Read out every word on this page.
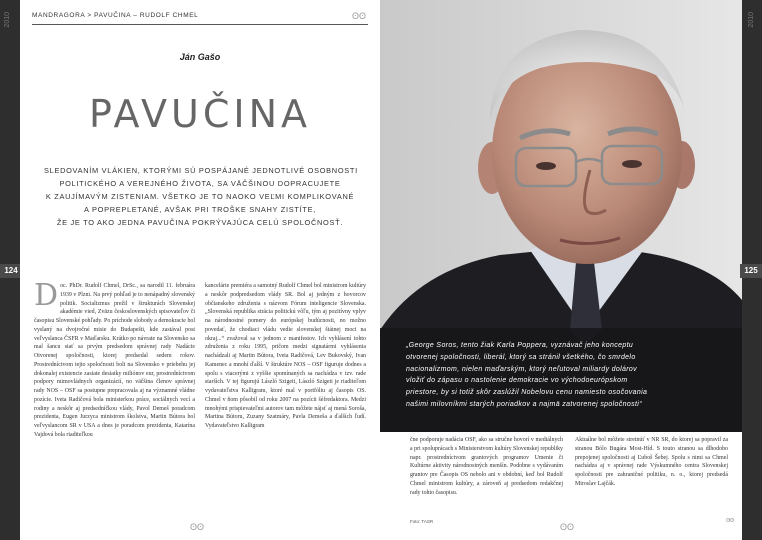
2010
124
MANDRAGORA > PAVUČINA – RUDOLF CHMEL	ʘʘ
Ján Gašo
PAVUČINA
SLEDOVANÍM VLÁKIEN, KTORÝMI SÚ POSPÁJANÉ JEDNOTLIVÉ OSOBNOSTI
POLITICKÉHO A VEREJNÉHO ŽIVOTA, SA VÄČŠINOU DOPRACUJETE
K ZAUJÍMAVÝM ZISTENIAM. VŠETKO JE TO NAOKO VEĽMI KOMPLIKOVANÉ
A POPREPLETANÉ, AVŠAK PRI TROŠKE SNAHY ZISTÍTE,
ŽE JE TO AKO JEDNA PAVUČINA POKRÝVAJÚCA CELÚ SPOLOČNOSŤ.
D oc. PhDr. Rudolf Chmel, DrSc., sa narodil 11. februára 1939 v Plzni. Na prvý pohľad je to nenápadný slovenský politik. Socializmus prežil v štrukturách Slovenskej akadémie vied, Zväzu československých spisovateľov či časopisu Slovenské pohľady. Po príchode slobody a demokracie bol vyslaný na dvojročné misie do Budapešti, kde zastával post veľvyslanca ČSFR v Maďarsku. Krátko po návrate na Slovensko sa mal šancu stať sa prvým predsedom správnej rady Nadácie Otvorenej spoločnosti, ktorej predsedal sedem rokov. Prostredníctvom tejto spoločnosti boli na Slovensko v priebehu jej dokonalej existencie zasiate desiatky miliónov eur, prostredníctvom podpory mimovládnych organizácií, no väčšina členov správnej rady NOS – OSF sa postupne prepracovala aj na významné vládne pozície. Iveta Radičová bola ministerkou práce, sociálnych vecí a rodiny a neskôr aj predsedníčkou vlády, Pavol Demeš poradcom prezidenta, Eugen Jurzyca ministrom školstva, Martin Bútora bol veľvyslancom SR v USA a dnes je poradcom prezidenta, Katarína Vajdová bola riaditeľkou
kancelárie premiéra a samotný Rudolf Chmel bol ministrom kultúry a neskôr podpredsedom vlády SR. Bol aj jedným z hovorcov občianskeho združenia s názvom Fórum inteligencie Slovenska. „Slovenská republika strácia politickú vôľu, tým aj pozitívny vplyv na národnostné pomery do európskej budúcnosti, no možno povedať, že chodiaci vládu vedie slovenskej štátnej moci na okraj...“ zvažoval sa v jednom z manifestov. Ich vyhlásení tohto združenia z roku 1995, pričom medzi signatármi vyhlásenia nachádzali aj Martin Bútora, Iveta Radičová, Lev Bukovský, Ivan Kamenec a mnohí ďalší. V štruktúre NOS – OSF figuruje dodnes a spolu s viacerými z vyššie spomínaných sa nachádza v tzv. rade starších. V tej figurujú László Szigeti, László Szigeti je riaditeľom vydavateľstva Kalligram, ktoré mal v portfóliu aj časopis OS. Chmel v ňom pôsobil od roku 2007 na pozícii šéfredaktora. Medzi mnohými prispievateľmi autorov tam môžete nájsť aj mená Soroša, Martina Bútoru, Zuzany Szatmáry, Pavla Demeša a ďalších ľudí. Vydavateľstvo Kalligram
ʘʘ
„George Soros, tento žiak Karla Poppera, vyznávač jeho konceptu
otvorenej spoločnosti, liberál, ktorý sa stránil všetkého, čo smrdelo
nacionalizmom, nielen maďarským, ktorý neľutoval miliardy dolárov
vložiť do zápasu o nastolenie demokracie vo východoeurópskom
priestore, by si totiž skôr zaslúžil Nobelovu cenu namiesto osočovania
našimi milovníkmi starých poriadkov a najmä zatvorenej spoločnosti“
čne podporuje nadácia OSF, ako sa stručne hovorí v mediálnych a pri spoluprácach s Ministerstvom kultúry Slovenskej republiky napr. prostredníctvom grantových programov Umenie či Kultúrne aktivity národnostných menšín. Podobne s vydávaním grantov pre Časopis OS nebolo ani v obdobní, keď bol Rudolf Chmel ministrom kultúry, a zároveň aj predsedom redakčnej rady tohto časopisu.
Aktuálne bol môžete stretnúť v NR SR, do ktorej sa popravil za stranou Bólo Bugára Most-Híd. S touto stranou sa dlhodobo prepojenej spoločnosti aj Ľuboš Šebej. Spolu s nimi sa Chmel nachádza aj v správnej rade Výskumného centra Slovenskej spoločnosti pre zahraničné politiku, n. o., ktorej predsedá Miroslav Lajčák.
Foto: TASR
ʘʘ
ʘʘ
2010
125
